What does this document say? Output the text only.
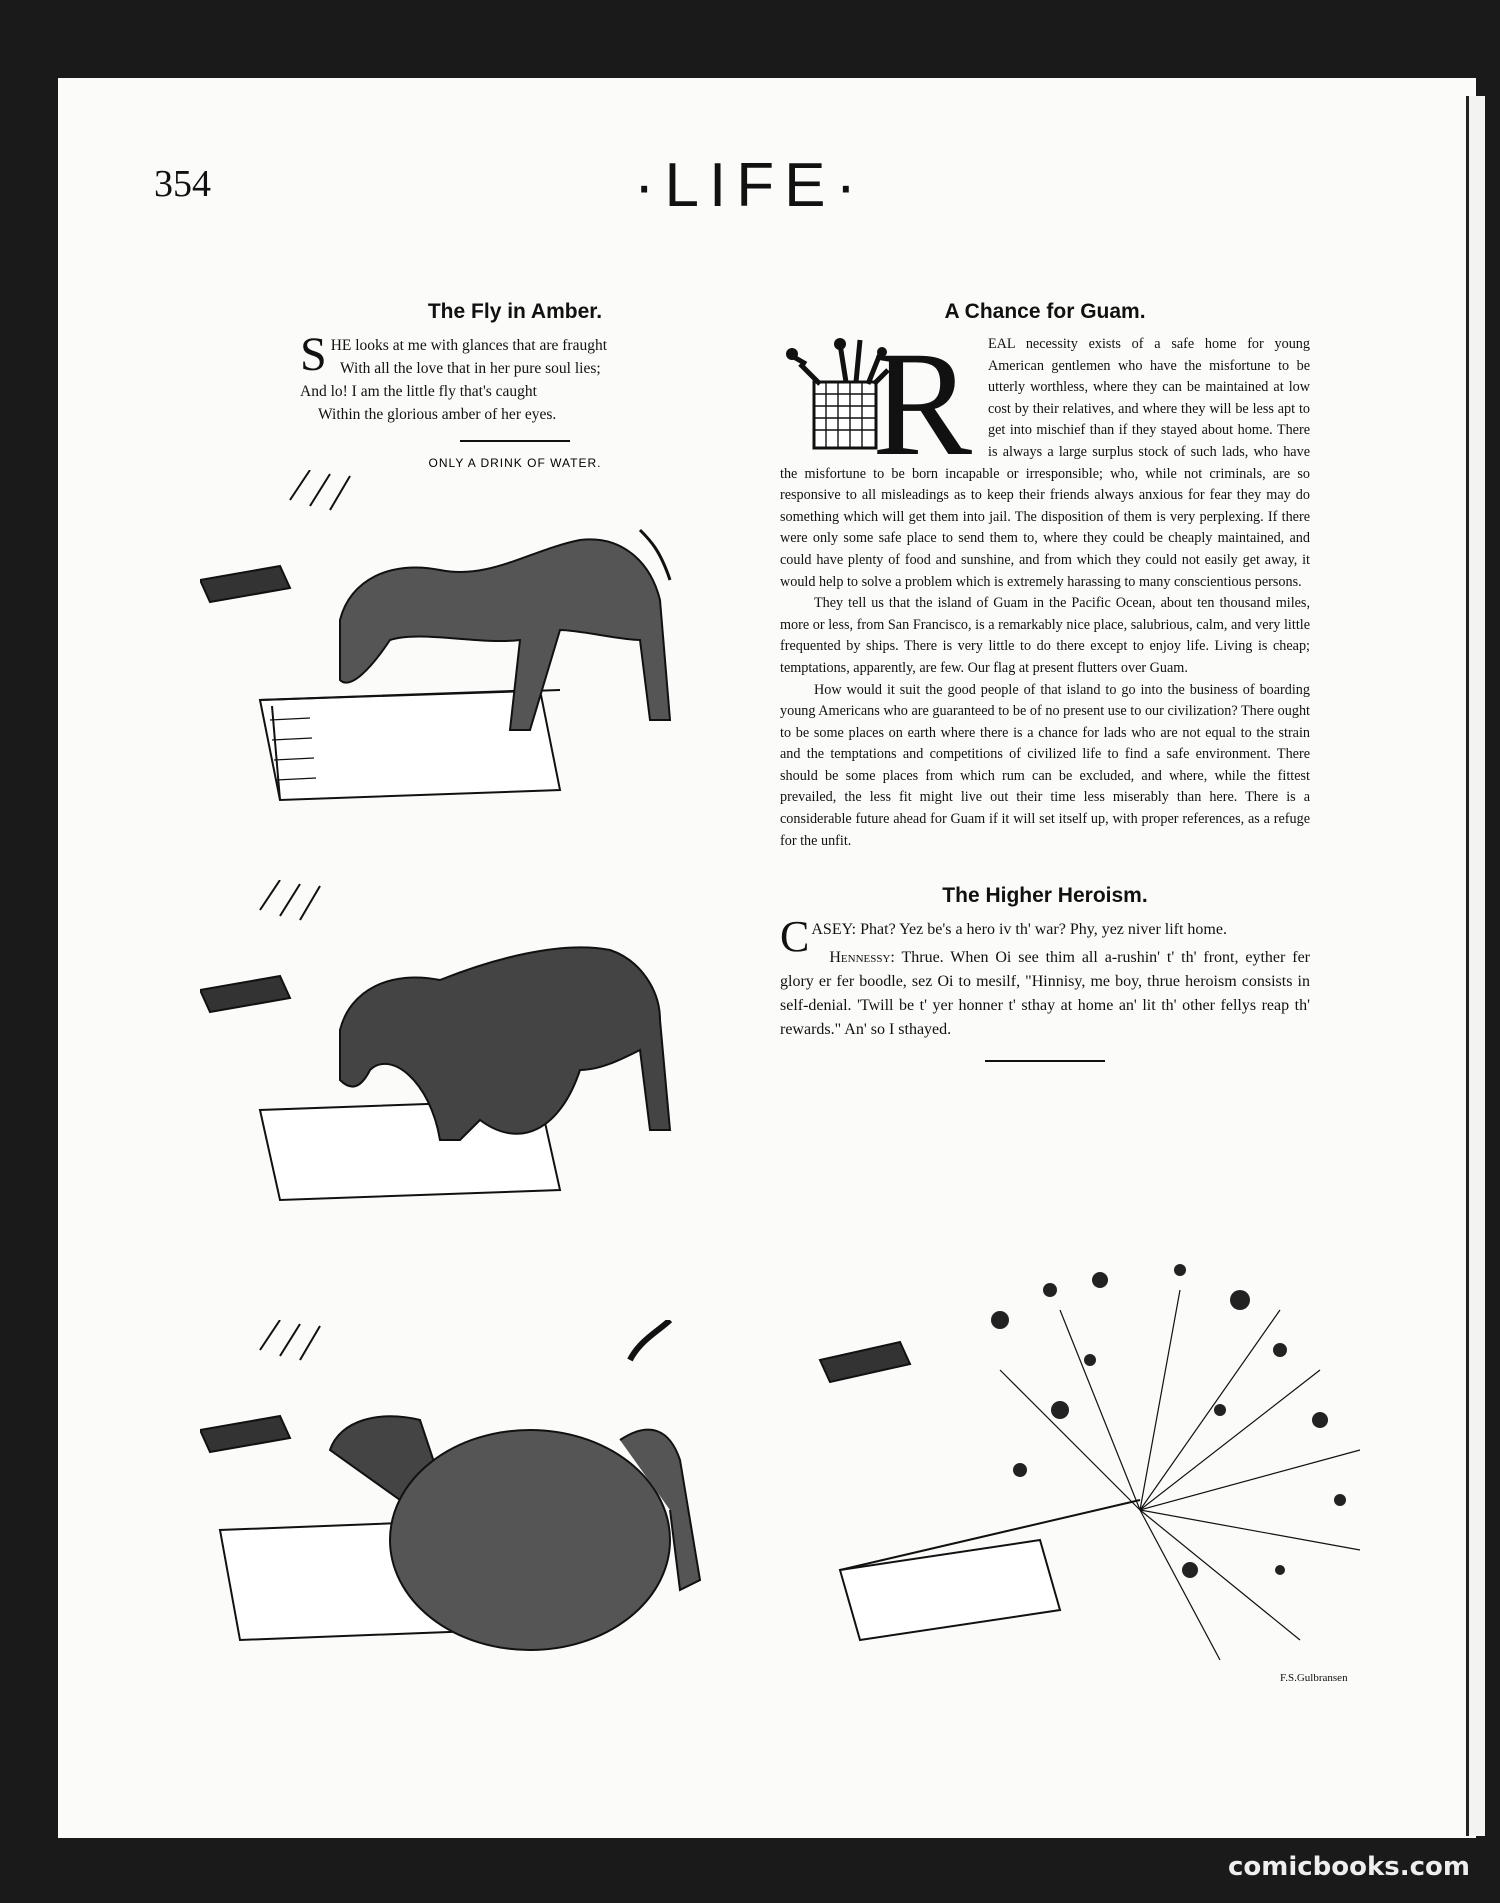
354	·LIFE·
The Fly in Amber.
S HE looks at me with glances that are fraught
With all the love that in her pure soul lies;
And lo! I am the little fly that's caught
Within the glorious amber of her eyes.
ONLY A DRINK OF WATER.
A Chance for Guam.
R	EAL necessity exists of a safe home for young American gentlemen who have the misfortune to be utterly worthless, where they can be maintained at low cost by their relatives, and where they will be less apt to get into mischief than if they stayed about home. There is always a large surplus stock of such lads, who have the misfortune to be born incapable or irresponsible; who, while not criminals, are so responsive to all misleadings as to keep their friends always anxious for fear they may do something which will get them into jail. The disposition of them is very perplexing. If there were only some safe place to send them to, where they could be cheaply maintained, and could have plenty of food and sunshine, and from which they could not easily get away, it would help to solve a problem which is extremely harassing to many conscientious persons.

They tell us that the island of Guam in the Pacific Ocean, about ten thousand miles, more or less, from San Francisco, is a remarkably nice place, salubrious, calm, and very little frequented by ships. There is very little to do there except to enjoy life. Living is cheap; temptations, apparently, are few. Our flag at present flutters over Guam.

How would it suit the good people of that island to go into the business of boarding young Americans who are guaranteed to be of no present use to our civilization? There ought to be some places on earth where there is a chance for lads who are not equal to the strain and the temptations and competitions of civilized life to find a safe environment. There should be some places from which rum can be excluded, and where, while the fittest prevailed, the less fit might live out their time less miserably than here. There is a considerable future ahead for Guam if it will set itself up, with proper references, as a refuge for the unfit.

The Higher Heroism.

CASEY: Phat? Yez be's a hero iv th' war? Phy, yez niver lift home.

Hennessy: Thrue. When Oi see thim all a-rushin' t' th' front, eyther fer glory er fer boodle, sez Oi to mesilf, "Hinnisy, me boy, thrue heroism consists in self-denial. 'Twill be t' yer honner t' sthay at home an' lit th' other fellys reap th' rewards." An' so I sthayed.

F.S.Gulbransen
comicbooks.com
